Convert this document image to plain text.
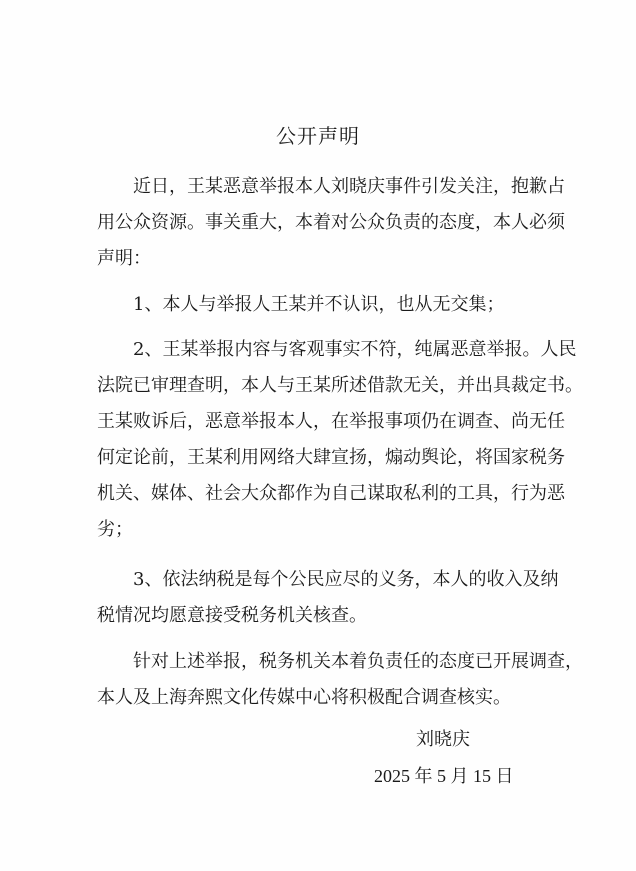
公开声明
近日，王某恶意举报本人刘晓庆事件引发关注，抱歉占
用公众资源。事关重大，本着对公众负责的态度，本人必须
声明：
1、本人与举报人王某并不认识，也从无交集；
2、王某举报内容与客观事实不符，纯属恶意举报。人民
法院已审理查明，本人与王某所述借款无关，并出具裁定书。
王某败诉后，恶意举报本人，在举报事项仍在调查、尚无任
何定论前，王某利用网络大肆宣扬，煽动舆论，将国家税务
机关、媒体、社会大众都作为自己谋取私利的工具，行为恶
劣；
3、依法纳税是每个公民应尽的义务，本人的收入及纳
税情况均愿意接受税务机关核查。
针对上述举报，税务机关本着负责任的态度已开展调查，
本人及上海奔熙文化传媒中心将积极配合调查核实。
刘晓庆
2025 年 5 月 15 日
